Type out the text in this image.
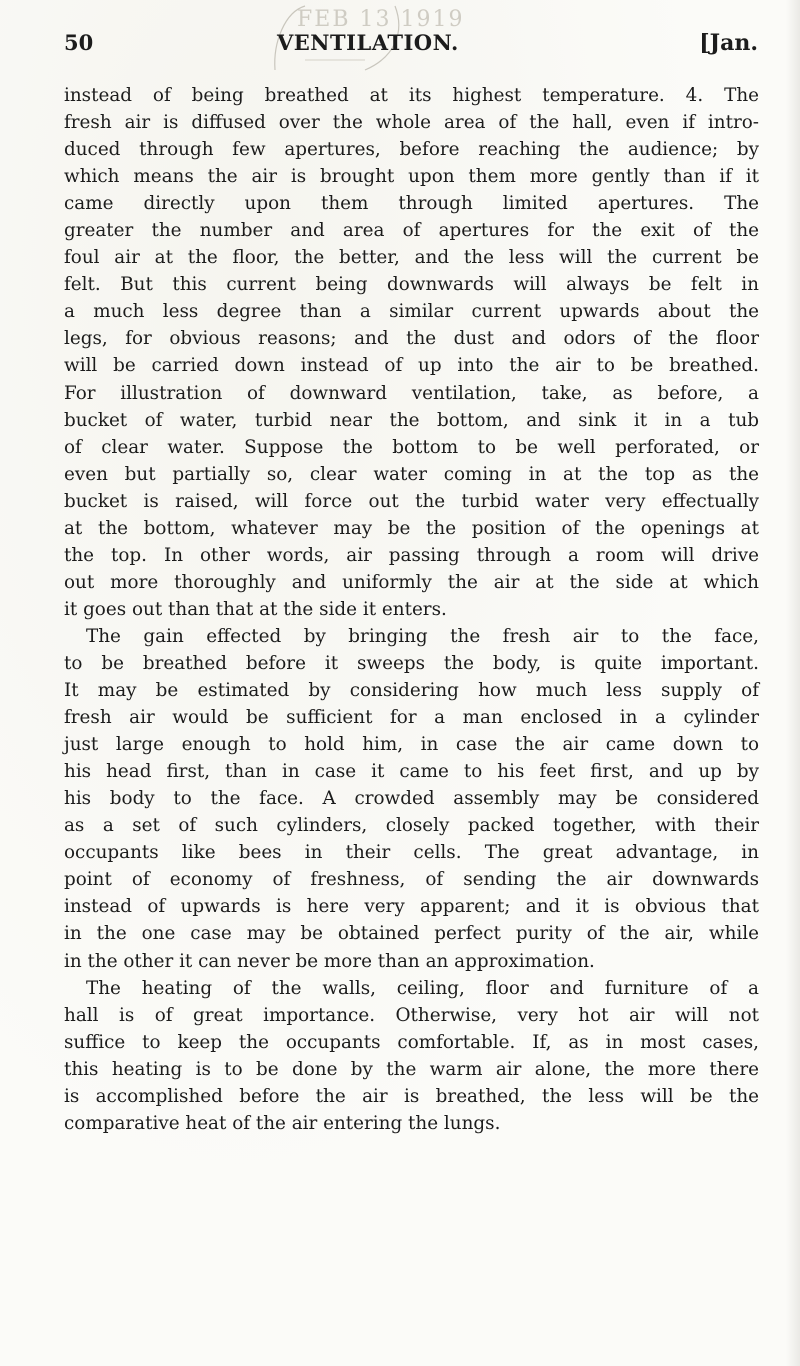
FEB 13 1919
50	VENTILATION.	[Jan.
instead of being breathed at its highest temperature. 4. The
fresh air is diffused over the whole area of the hall, even if intro-
duced through few apertures, before reaching the audience; by
which means the air is brought upon them more gently than if it
came directly upon them through limited apertures. The
greater the number and area of apertures for the exit of the
foul air at the floor, the better, and the less will the current be
felt. But this current being downwards will always be felt in
a much less degree than a similar current upwards about the
legs, for obvious reasons; and the dust and odors of the floor
will be carried down instead of up into the air to be breathed.
For illustration of downward ventilation, take, as before, a
bucket of water, turbid near the bottom, and sink it in a tub
of clear water. Suppose the bottom to be well perforated, or
even but partially so, clear water coming in at the top as the
bucket is raised, will force out the turbid water very effectually
at the bottom, whatever may be the position of the openings at
the top. In other words, air passing through a room will drive
out more thoroughly and uniformly the air at the side at which
it goes out than that at the side it enters.
The gain effected by bringing the fresh air to the face,
to be breathed before it sweeps the body, is quite important.
It may be estimated by considering how much less supply of
fresh air would be sufficient for a man enclosed in a cylinder
just large enough to hold him, in case the air came down to
his head first, than in case it came to his feet first, and up by
his body to the face. A crowded assembly may be considered
as a set of such cylinders, closely packed together, with their
occupants like bees in their cells. The great advantage, in
point of economy of freshness, of sending the air downwards
instead of upwards is here very apparent; and it is obvious that
in the one case may be obtained perfect purity of the air, while
in the other it can never be more than an approximation.
The heating of the walls, ceiling, floor and furniture of a
hall is of great importance. Otherwise, very hot air will not
suffice to keep the occupants comfortable. If, as in most cases,
this heating is to be done by the warm air alone, the more there
is accomplished before the air is breathed, the less will be the
comparative heat of the air entering the lungs.
